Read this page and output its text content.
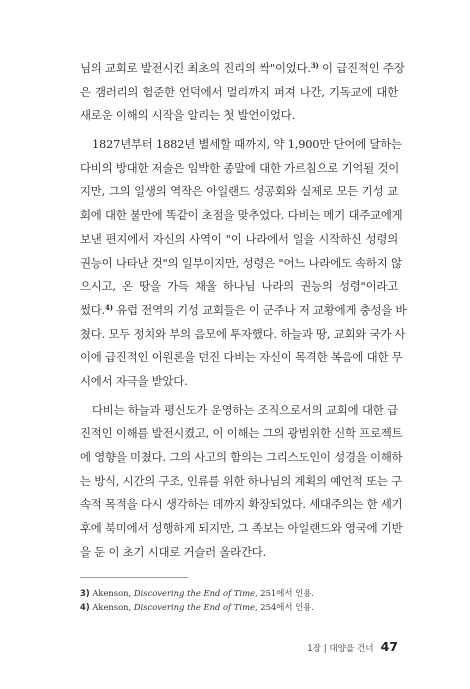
님의 교회로 발전시킨 최초의 진리의 싹"이었다.$^{3)}$ 이 급진적인 주장
은 갬러리의 험준한 언덕에서 멀리까지 퍼져 나간, 기독교에 대한
새로운 이해의 시작을 알리는 첫 발언이었다.
1827년부터 1882년 별세할 때까지, 약 1,900만 단어에 달하는
다비의 방대한 저술은 임박한 종말에 대한 가르침으로 기억될 것이
지만, 그의 일생의 역작은 아일랜드 성공회와 실제로 모든 기성 교
회에 대한 불만에 똑같이 초점을 맞추었다. 다비는 메기 대주교에게
보낸 편지에서 자신의 사역이 "이 나라에서 일을 시작하신 성령의
권능이 나타난 것"의 일부이지만, 성령은 "어느 나라에도 속하지 않
으시고, 온 땅을 가득 채울 하나님 나라의 권능의 성령"이라고
썼다.$^{4)}$ 유럽 전역의 기성 교회들은 이 군주나 저 교황에게 충성을 바
쳤다. 모두 정치와 부의 음모에 투자했다. 하늘과 땅, 교회와 국가 사
이에 급진적인 이원론을 던진 다비는 자신이 목격한 복음에 대한 무
시에서 자극을 받았다.
다비는 하늘과 평신도가 운영하는 조직으로서의 교회에 대한 급
진적인 이해를 발전시켰고, 이 이해는 그의 광범위한 신학 프로젝트
에 영향을 미쳤다. 그의 사고의 함의는 그리스도인이 성경을 이해하
는 방식, 시간의 구조, 인류를 위한 하나님의 계획의 예언적 또는 구
속적 목적을 다시 생각하는 데까지 확장되었다. 세대주의는 한 세기
후에 북미에서 성행하게 되지만, 그 족보는 아일랜드와 영국에 기반
을 둔 이 초기 시대로 거슬러 올라간다.
3) Akenson, Discovering the End of Time, 251에서 인용.
4) Akenson, Discovering the End of Time, 254에서 인용.
1장 | 대양을 건너 47
